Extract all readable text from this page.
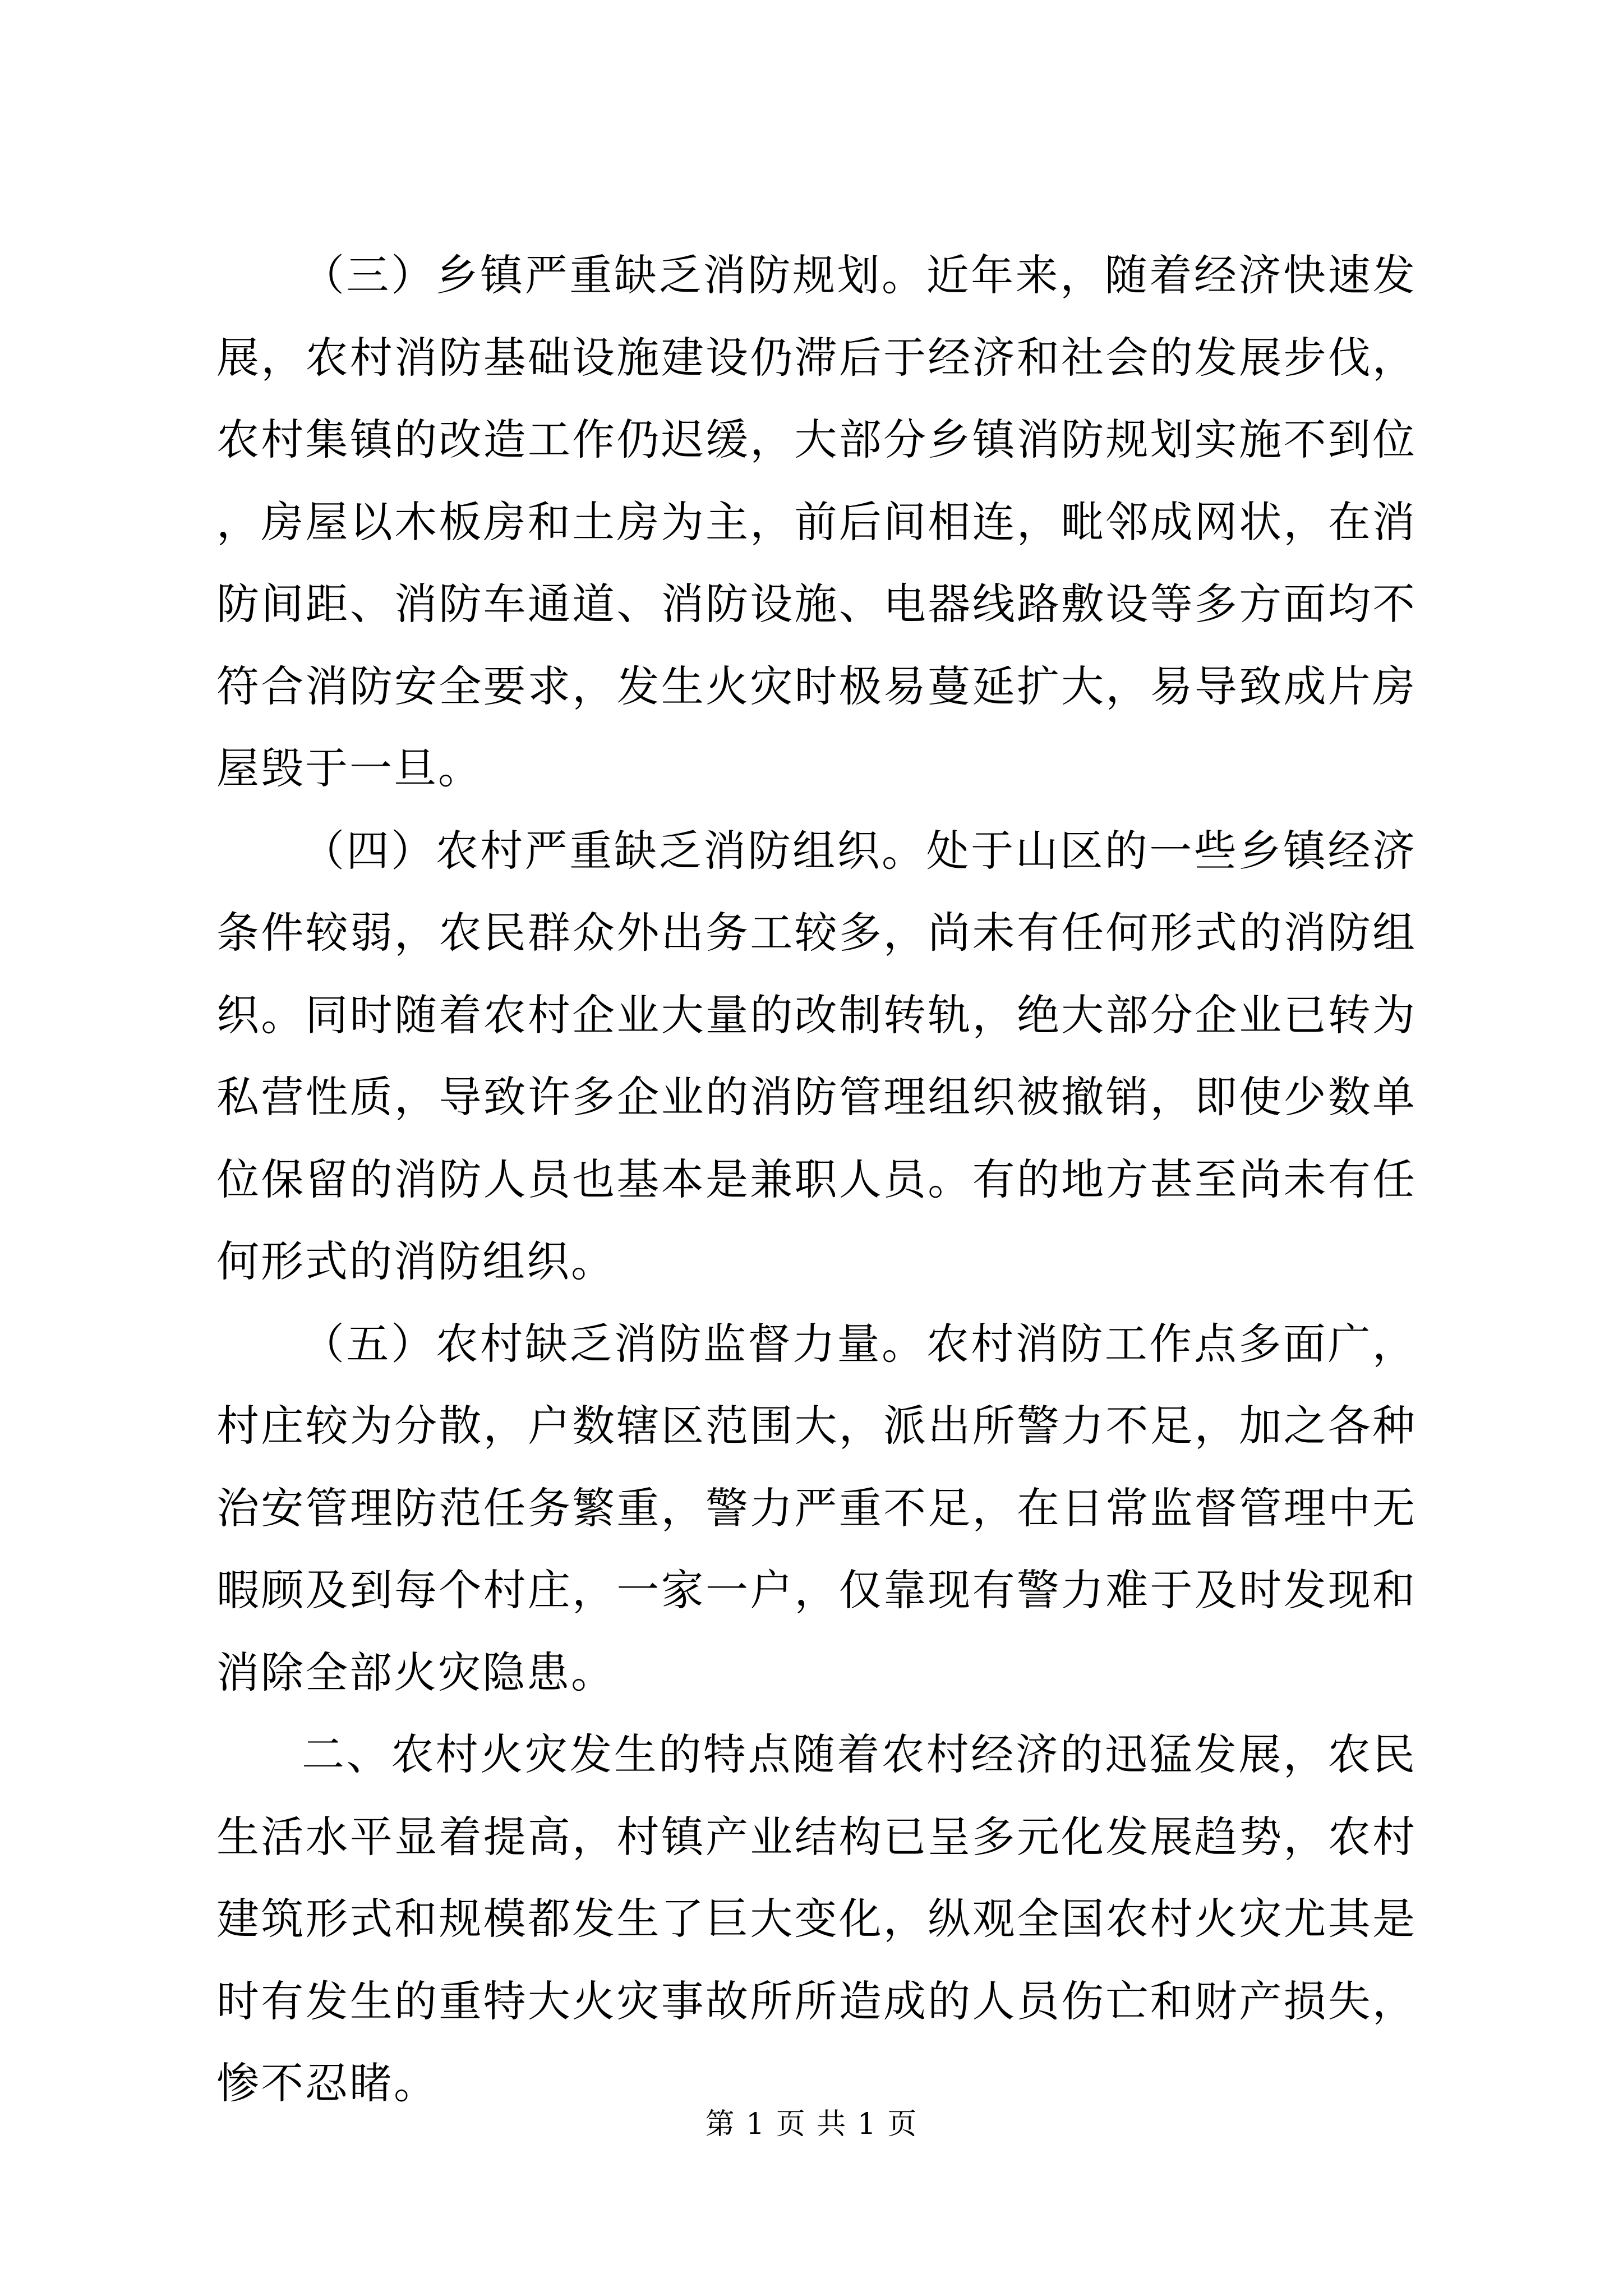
（三）乡镇严重缺乏消防规划。近年来，随着经济快速发展，农村消防基础设施建设仍滞后于经济和社会的发展步伐，农村集镇的改造工作仍迟缓，大部分乡镇消防规划实施不到位，房屋以木板房和土房为主，前后间相连，毗邻成网状，在消防间距、消防车通道、消防设施、电器线路敷设等多方面均不符合消防安全要求，发生火灾时极易蔓延扩大，易导致成片房屋毁于一旦。

（四）农村严重缺乏消防组织。处于山区的一些乡镇经济条件较弱，农民群众外出务工较多，尚未有任何形式的消防组织。同时随着农村企业大量的改制转轨，绝大部分企业已转为私营性质，导致许多企业的消防管理组织被撤销，即使少数单位保留的消防人员也基本是兼职人员。有的地方甚至尚未有任何形式的消防组织。

（五）农村缺乏消防监督力量。农村消防工作点多面广，村庄较为分散，户数辖区范围大，派出所警力不足，加之各种治安管理防范任务繁重，警力严重不足，在日常监督管理中无暇顾及到每个村庄，一家一户，仅靠现有警力难于及时发现和消除全部火灾隐患。

二、农村火灾发生的特点随着农村经济的迅猛发展，农民生活水平显着提高，村镇产业结构已呈多元化发展趋势，农村建筑形式和规模都发生了巨大变化，纵观全国农村火灾尤其是时有发生的重特大火灾事故所所造成的人员伤亡和财产损失，惨不忍睹。

第 1 页 共 1 页
